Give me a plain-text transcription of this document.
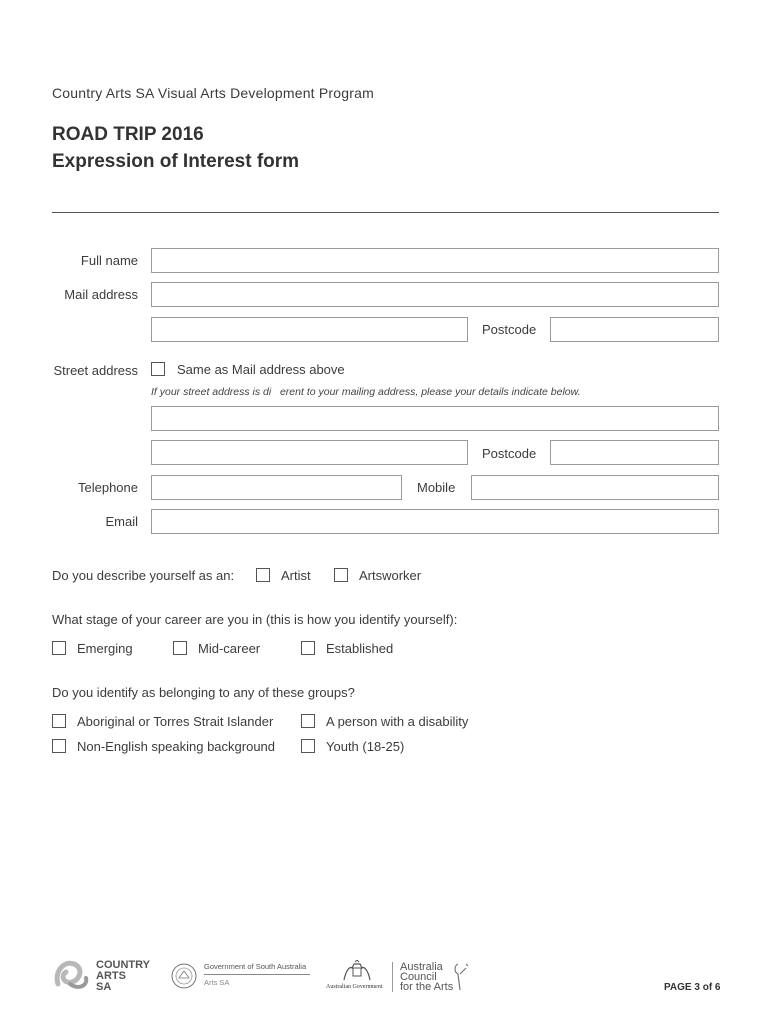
Country Arts SA Visual Arts Development Program
ROAD TRIP 2016
Expression of Interest form
Full name
Mail address
Postcode
Street address	Same as Mail address above
If your street address is di   erent to your mailing address, please your details indicate below.
Postcode
Telephone	Mobile
Email
Do you describe yourself as an:	Artist	Artsworker
What stage of your career are you in (this is how you identify yourself):
Emerging	Mid-career	Established
Do you identify as belonging to any of these groups?
Aboriginal or Torres Strait Islander	A person with a disability
Non-English speaking background	Youth (18-25)
COUNTRY
ARTS
SA
Government of South Australia
Arts SA	Australian Government
Australia
Council
for the Arts	PAGE 3 of 6
